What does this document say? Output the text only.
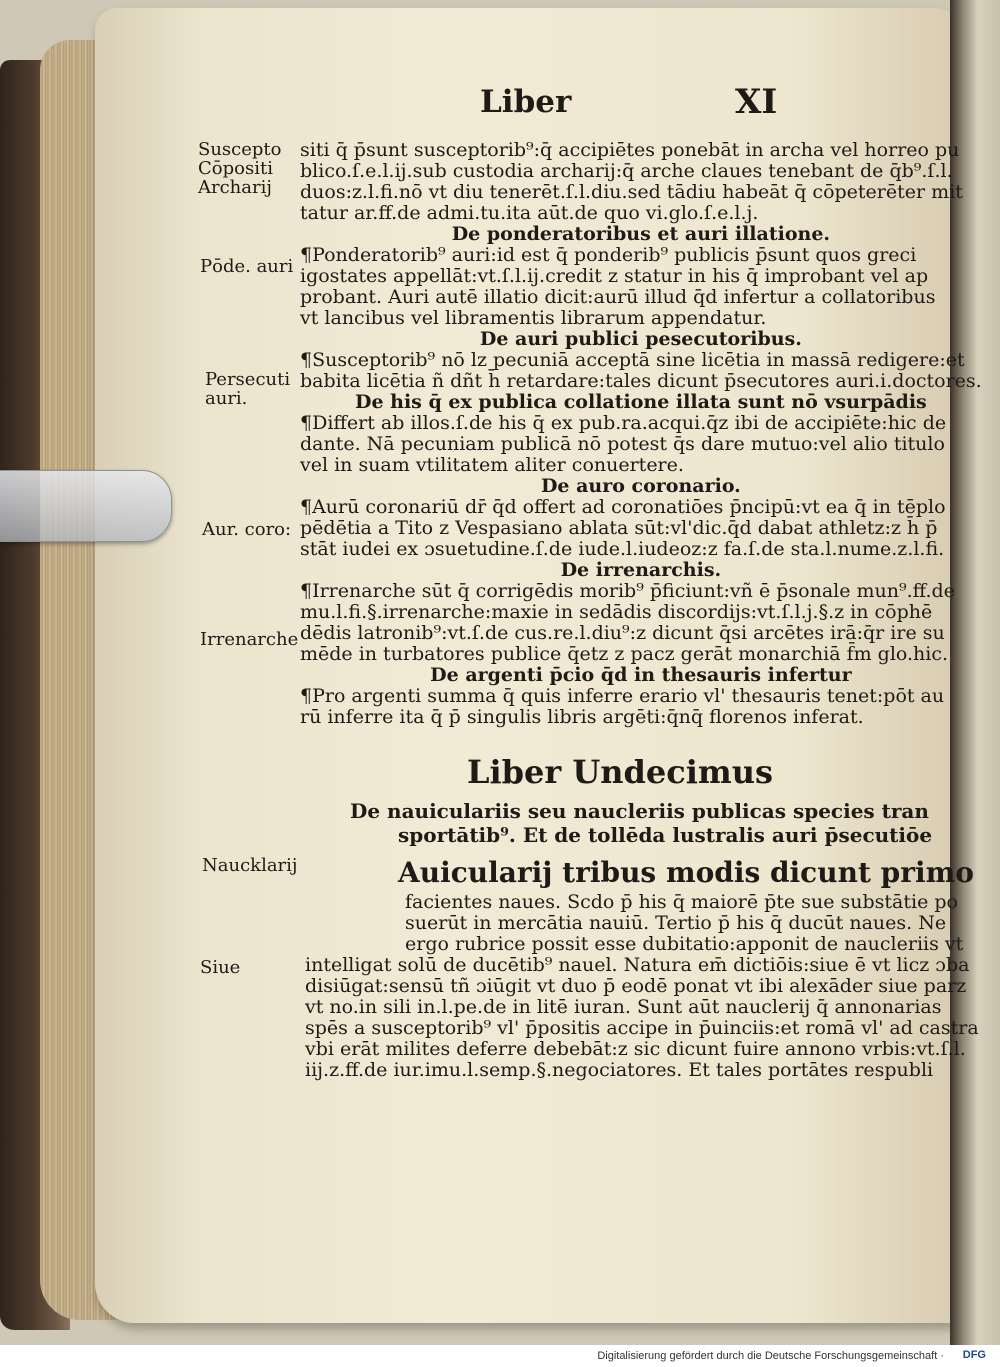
Liber	XI
Suscepto
Cōpositi
Archarij
Pōde. auri
Persecuti
auri.
Aur. coro:
Irrenarche
Naucklarij
Siue
siti q̄ p̄sunt susceptorib⁹:q̄ accipiētes ponebāt in archa vel horreo pu
blico.ſ.e.l.ij.sub custodia archarij:q̄ arche claues tenebant de q̄b⁹.ſ.l.
duos:z.l.fi.nō vt diu tenerēt.ſ.l.diu.sed tādiu habeāt q̄ cōpeterēter mit
tatur ar.ff.de admi.tu.ita aūt.de quo vi.glo.ſ.e.l.j.
De ponderatoribus et auri illatione.
¶Ponderatorib⁹ auri:id est q̄ ponderib⁹ publicis p̄sunt quos greci
igostates appellāt:vt.ſ.l.ij.credit z statur in his q̄ improbant vel ap
probant. Auri autē illatio dicit:aurū illud q̄d infertur a collatoribus
vt lancibus vel libramentis librarum appendatur.
De auri publici pesecutoribus.
¶Susceptorib⁹ nō lz pecuniā acceptā sine licētia in massā redigere:et
babita licētia ñ dñt h̄ retardare:tales dicunt p̄secutores auri.i.doctores.
De his q̄ ex publica collatione illata sunt nō vsurpādis
¶Differt ab illos.ſ.de his q̄ ex pub.ra.acqui.q̄z ibi de accipiēte:hic de
dante. Nā pecuniam publicā nō potest q̄s dare mutuo:vel alio titulo
vel in suam vtilitatem aliter conuertere.
De auro coronario.
¶Aurū coronariū dr̄ q̄d offert ad coronatiōes p̄ncipū:vt ea q̄ in tēplo
pēdētia a Tito z Vespasiano ablata sūt:vl'dic.q̄d dabat athletz:z h̄ p̄
stāt iudei ex ɔsuetudine.ſ.de iude.l.iudeoz:z fa.ſ.de sta.l.nume.z.l.fi.
De irrenarchis.
¶Irrenarche sūt q̄ corrigēdis morib⁹ p̄ficiunt:vñ ē p̄sonale mun⁹.ff.de
mu.l.fi.§.irrenarche:maxie in sedādis discordijs:vt.ſ.l.j.§.z in cōphē
dēdis latronib⁹:vt.ſ.de cus.re.l.diu⁹:z dicunt q̄si arcētes irā:q̄r ire su
mēde in turbatores publice q̄etz z pacz gerāt monarchiā f̄m glo.hic.
De argenti p̄cio q̄d in thesauris infertur
¶Pro argenti summa q̄ quis inferre erario vl' thesauris tenet:pōt au
rū inferre ita q̄ p̄ singulis libris argēti:q̄nq̄ florenos inferat.
Liber Undecimus
De nauiculariis seu naucleriis publicas species tran
sportātib⁹. Et de tollēda lustralis auri p̄secutiōe
Auicularij tribus modis dicunt primo
facientes naues. Scdo p̄ his q̄ maiorē p̄te sue substātie po
suerūt in mercātia nauiū. Tertio p̄ his q̄ ducūt naues. Ne
ergo rubrice possit esse dubitatio:apponit de naucleriis vt
intelligat solū de ducētib⁹ nauel. Natura em̄ dictiōis:siue ē vt licz ɔba
disiūgat:sensū tñ ɔiūgit vt duo p̄ eodē ponat vt ibi alexāder siue parz
vt no.in sili in.l.pe.de in litē iuran. Sunt aūt nauclerij q̄ annonarias
spēs a susceptorib⁹ vl' p̄positis accipe in p̄uinciis:et romā vl' ad castra
vbi erāt milites deferre debebāt:z sic dicunt fuire annono vrbis:vt.ſ.l.
iij.z.ff.de iur.imu.l.semp.§.negociatores. Et tales portātes respubli
Digitalisierung gefördert durch die Deutsche Forschungsgemeinschaft · DFG
